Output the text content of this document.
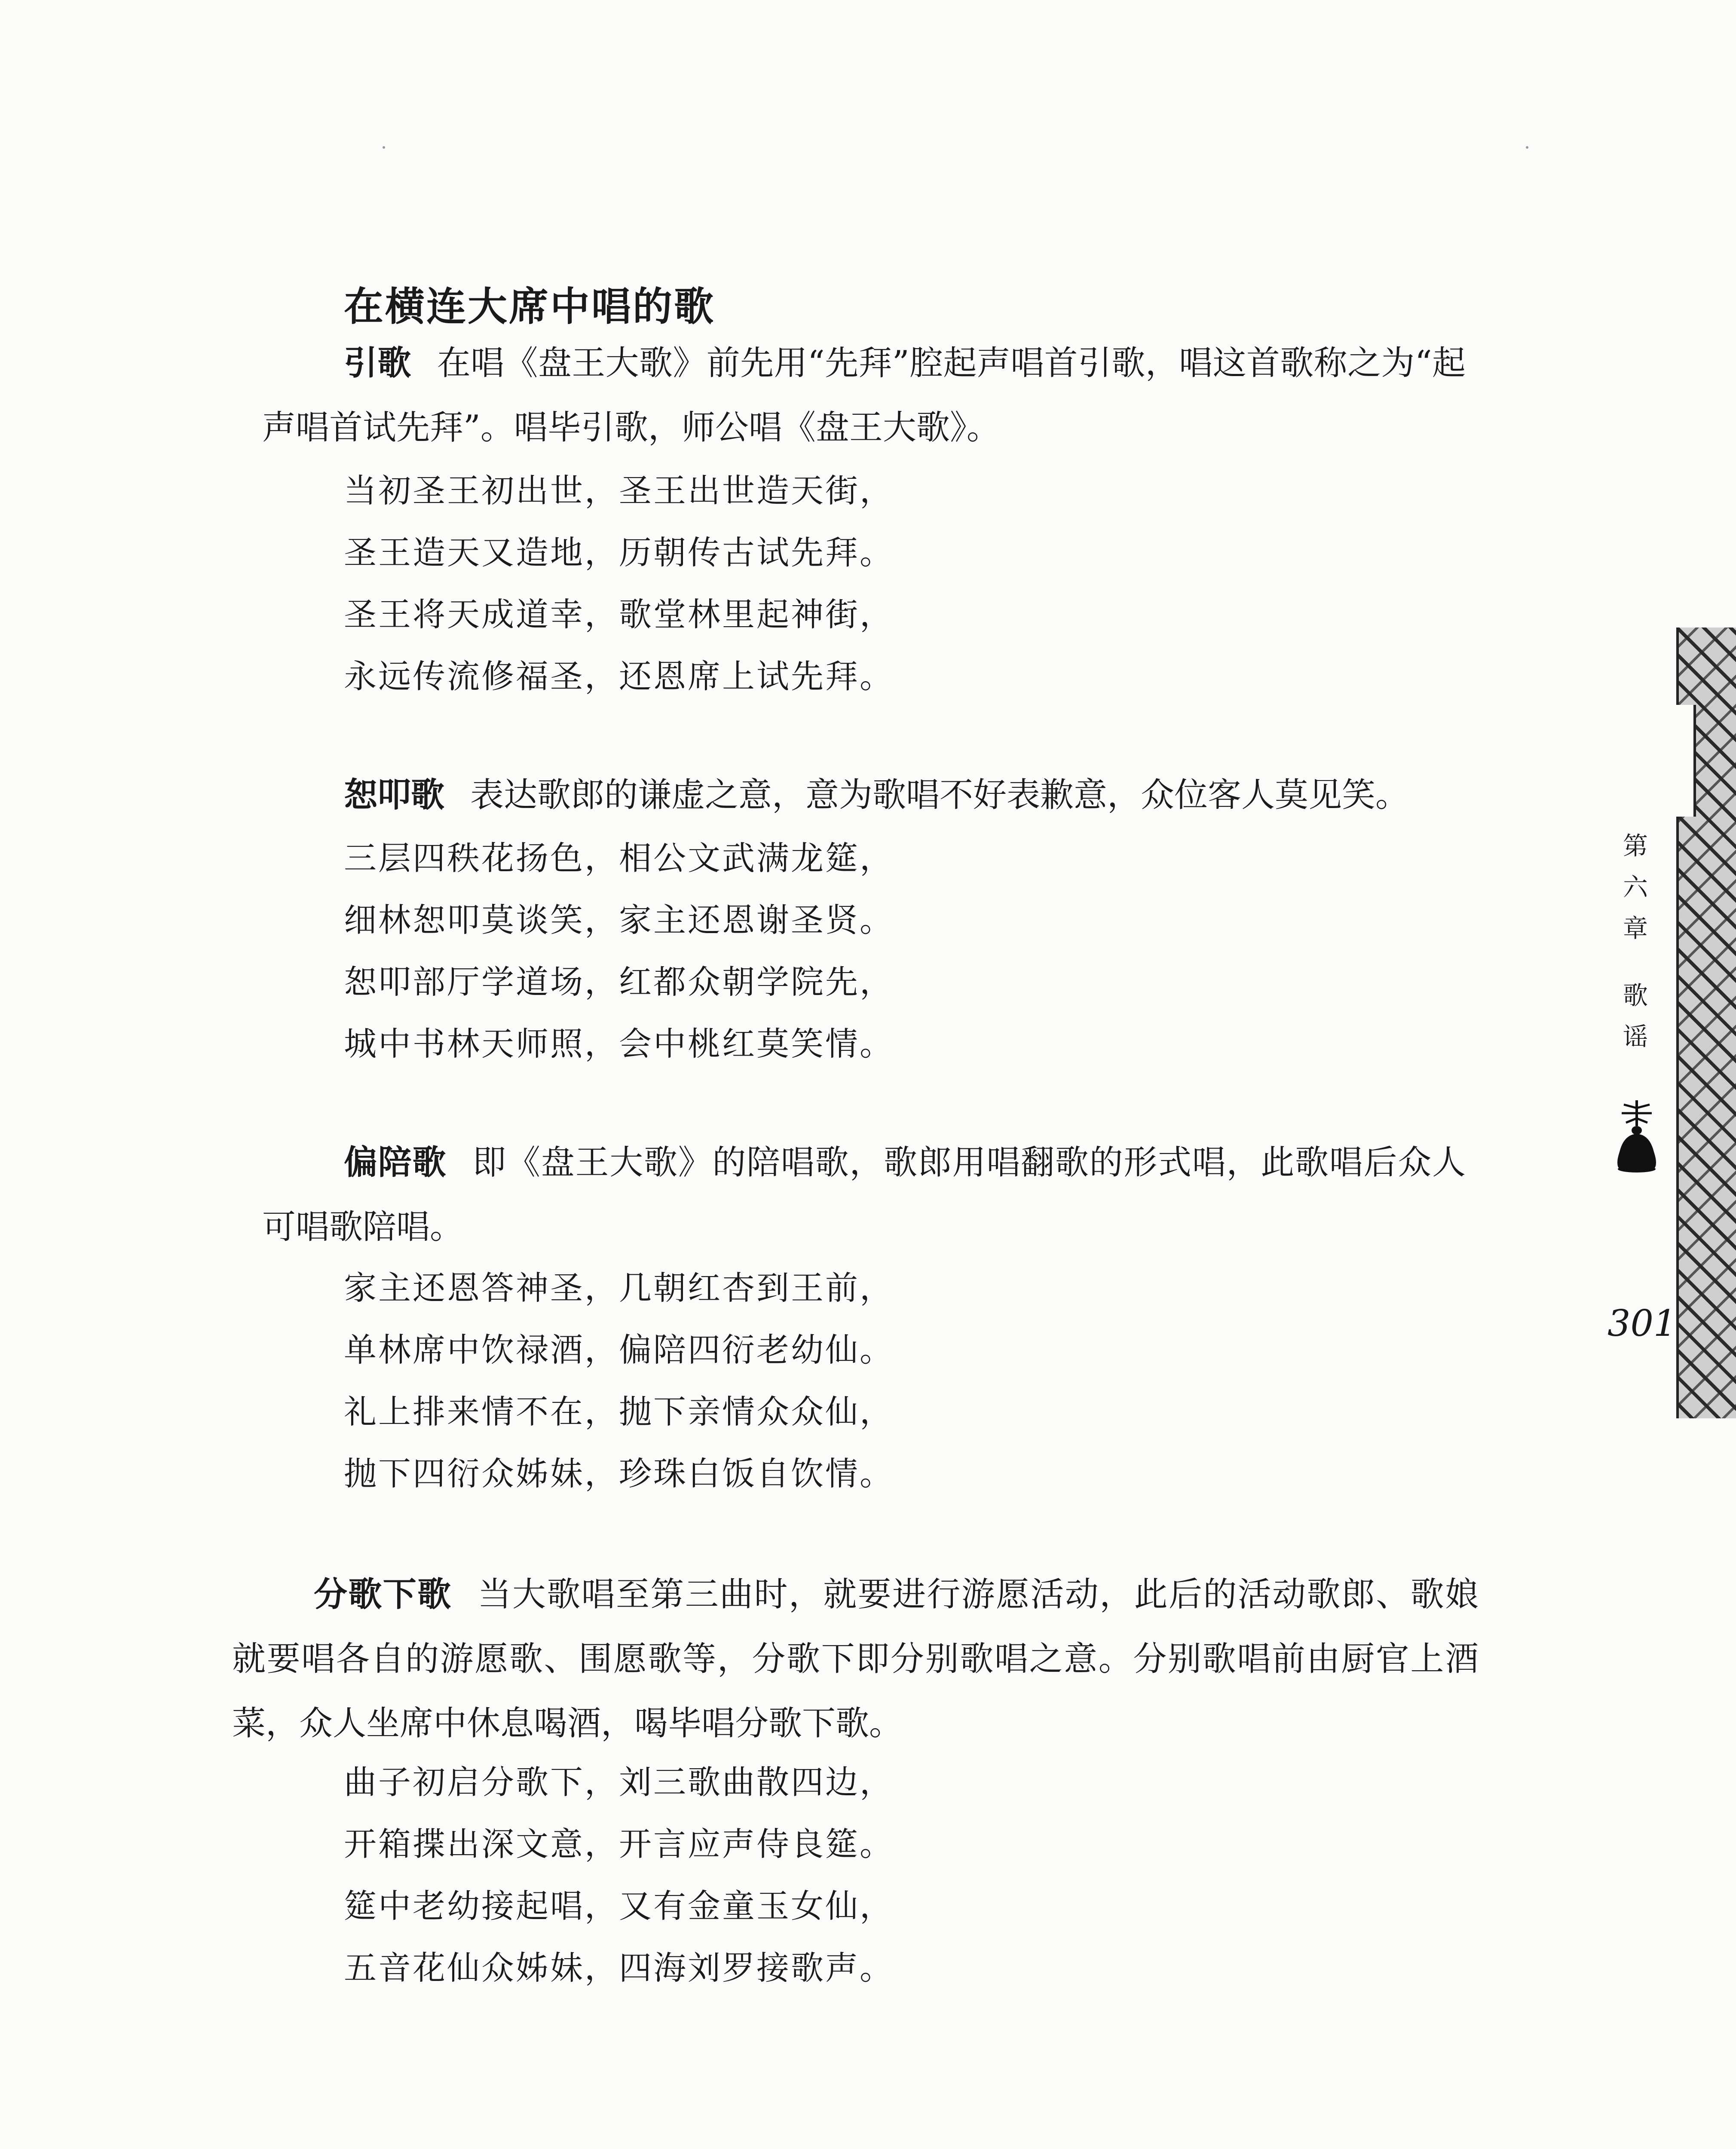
在横连大席中唱的歌

引歌 在唱《盘王大歌》前先用“先拜”腔起声唱首引歌，唱这首歌称之为“起声唱首试先拜”。唱毕引歌，师公唱《盘王大歌》。

当初圣王初出世，圣王出世造天街，
圣王造天又造地，历朝传古试先拜。
圣王将天成道幸，歌堂林里起神街，
永远传流修福圣，还恩席上试先拜。

恕叩歌 表达歌郎的谦虚之意，意为歌唱不好表歉意，众位客人莫见笑。

三层四秩花扬色，相公文武满龙筵，
细林恕叩莫谈笑，家主还恩谢圣贤。
恕叩部厅学道场，红都众朝学院先，
城中书林天师照，会中桃红莫笑情。

偏陪歌 即《盘王大歌》的陪唱歌，歌郎用唱翻歌的形式唱，此歌唱后众人可唱歌陪唱。

家主还恩答神圣，几朝红杏到王前，
单林席中饮禄酒，偏陪四衍老幼仙。
礼上排来情不在，抛下亲情众众仙，
抛下四衍众姊妹，珍珠白饭自饮情。

分歌下歌 当大歌唱至第三曲时，就要进行游愿活动，此后的活动歌郎、歌娘就要唱各自的游愿歌、围愿歌等，分歌下即分别歌唱之意。分别歌唱前由厨官上酒菜，众人坐席中休息喝酒，喝毕唱分歌下歌。

曲子初启分歌下，刘三歌曲散四边，
开箱揲出深文意，开言应声侍良筵。
筵中老幼接起唱，又有金童玉女仙，
五音花仙众姊妹，四海刘罗接歌声。
第
六
章
歌
谣
301
